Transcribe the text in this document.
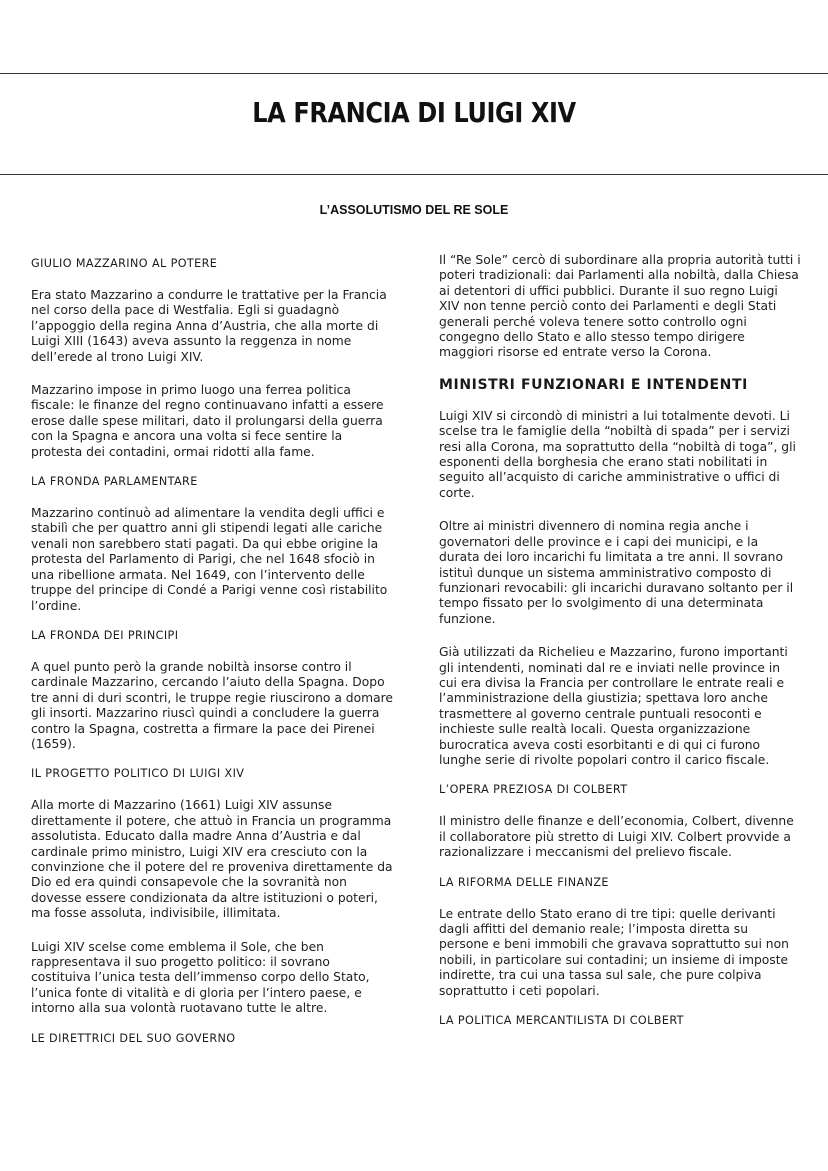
LA FRANCIA DI LUIGI XIV
L’ASSOLUTISMO DEL RE SOLE
GIULIO MAZZARINO AL POTERE

Era stato Mazzarino a condurre le trattative per la Francia nel corso della pace di Westfalia. Egli si guadagnò l’appoggio della regina Anna d’Austria, che alla morte di Luigi XIII (1643) aveva assunto la reggenza in nome dell’erede al trono Luigi XIV.

Mazzarino impose in primo luogo una ferrea politica fiscale: le finanze del regno continuavano infatti a essere erose dalle spese militari, dato il prolungarsi della guerra con la Spagna e ancora una volta si fece sentire la protesta dei contadini, ormai ridotti alla fame.

LA FRONDA PARLAMENTARE

Mazzarino continuò ad alimentare la vendita degli uffici e stabilì che per quattro anni gli stipendi legati alle cariche venali non sarebbero stati pagati. Da qui ebbe origine la protesta del Parlamento di Parigi, che nel 1648 sfociò in una ribellione armata. Nel 1649, con l’intervento delle truppe del principe di Condé a Parigi venne così ristabilito l’ordine.

LA FRONDA DEI PRINCIPI

A quel punto però la grande nobiltà insorse contro il cardinale Mazzarino, cercando l’aiuto della Spagna. Dopo tre anni di duri scontri, le truppe regie riuscirono a domare gli insorti. Mazzarino riuscì quindi a concludere la guerra contro la Spagna, costretta a firmare la pace dei Pirenei (1659).

IL PROGETTO POLITICO DI LUIGI XIV

Alla morte di Mazzarino (1661) Luigi XIV assunse direttamente il potere, che attuò in Francia un programma assolutista. Educato dalla madre Anna d’Austria e dal cardinale primo ministro, Luigi XIV era cresciuto con la convinzione che il potere del re proveniva direttamente da Dio ed era quindi consapevole che la sovranità non dovesse essere condizionata da altre istituzioni o poteri, ma fosse assoluta, indivisibile, illimitata.

Luigi XIV scelse come emblema il Sole, che ben rappresentava il suo progetto politico: il sovrano costituiva l’unica testa dell’immenso corpo dello Stato, l’unica fonte di vitalità e di gloria per l’intero paese, e intorno alla sua volontà ruotavano tutte le altre.

LE DIRETTRICI DEL SUO GOVERNO

Il “Re Sole” cercò di subordinare alla propria autorità tutti i poteri tradizionali: dai Parlamenti alla nobiltà, dalla Chiesa ai detentori di uffici pubblici. Durante il suo regno Luigi XIV non tenne perciò conto dei Parlamenti e degli Stati generali perché voleva tenere sotto controllo ogni congegno dello Stato e allo stesso tempo dirigere maggiori risorse ed entrate verso la Corona.

MINISTRI FUNZIONARI E INTENDENTI

Luigi XIV si circondò di ministri a lui totalmente devoti. Li scelse tra le famiglie della “nobiltà di spada” per i servizi resi alla Corona, ma soprattutto della “nobiltà di toga”, gli esponenti della borghesia che erano stati nobilitati in seguito all’acquisto di cariche amministrative o uffici di corte.

Oltre ai ministri divennero di nomina regia anche i governatori delle province e i capi dei municipi, e la durata dei loro incarichi fu limitata a tre anni. Il sovrano istituì dunque un sistema amministrativo composto di funzionari revocabili: gli incarichi duravano soltanto per il tempo fissato per lo svolgimento di una determinata funzione.

Già utilizzati da Richelieu e Mazzarino, furono importanti gli intendenti, nominati dal re e inviati nelle province in cui era divisa la Francia per controllare le entrate reali e l’amministrazione della giustizia; spettava loro anche trasmettere al governo centrale puntuali resoconti e inchieste sulle realtà locali. Questa organizzazione burocratica aveva costi esorbitanti e di qui ci furono lunghe serie di rivolte popolari contro il carico fiscale.

L’OPERA PREZIOSA DI COLBERT

Il ministro delle finanze e dell’economia, Colbert, divenne il collaboratore più stretto di Luigi XIV. Colbert provvide a razionalizzare i meccanismi del prelievo fiscale.

LA RIFORMA DELLE FINANZE

Le entrate dello Stato erano di tre tipi: quelle derivanti dagli affitti del demanio reale; l’imposta diretta su persone e beni immobili che gravava soprattutto sui non nobili, in particolare sui contadini; un insieme di imposte indirette, tra cui una tassa sul sale, che pure colpiva soprattutto i ceti popolari.

LA POLITICA MERCANTILISTA DI COLBERT
